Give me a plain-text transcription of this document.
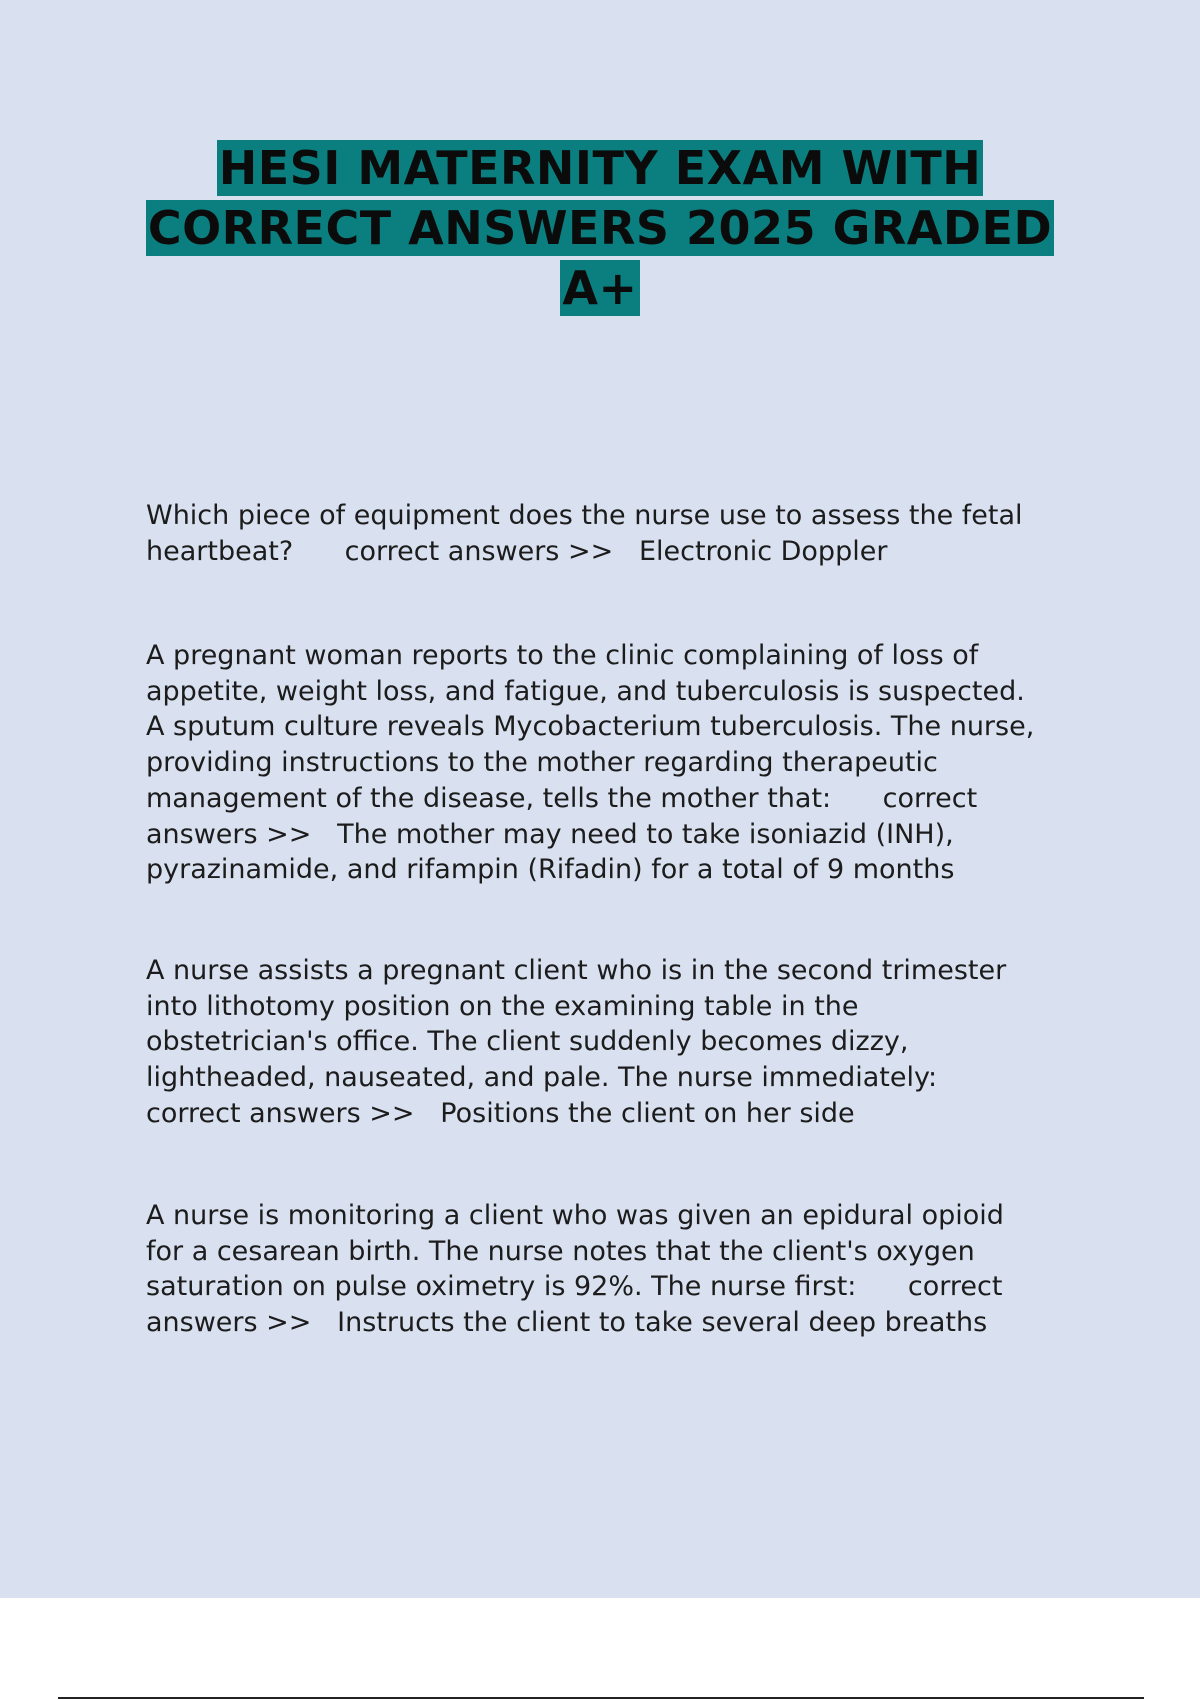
HESI MATERNITY EXAM WITH
CORRECT ANSWERS 2025 GRADED
A+

Which piece of equipment does the nurse use to assess the fetal
heartbeat?      correct answers >>   Electronic Doppler

A pregnant woman reports to the clinic complaining of loss of
appetite, weight loss, and fatigue, and tuberculosis is suspected.
A sputum culture reveals Mycobacterium tuberculosis. The nurse,
providing instructions to the mother regarding therapeutic
management of the disease, tells the mother that:      correct
answers >>   The mother may need to take isoniazid (INH),
pyrazinamide, and rifampin (Rifadin) for a total of 9 months

A nurse assists a pregnant client who is in the second trimester
into lithotomy position on the examining table in the
obstetrician's office. The client suddenly becomes dizzy,
lightheaded, nauseated, and pale. The nurse immediately:
correct answers >>   Positions the client on her side

A nurse is monitoring a client who was given an epidural opioid
for a cesarean birth. The nurse notes that the client's oxygen
saturation on pulse oximetry is 92%. The nurse first:      correct
answers >>   Instructs the client to take several deep breaths
